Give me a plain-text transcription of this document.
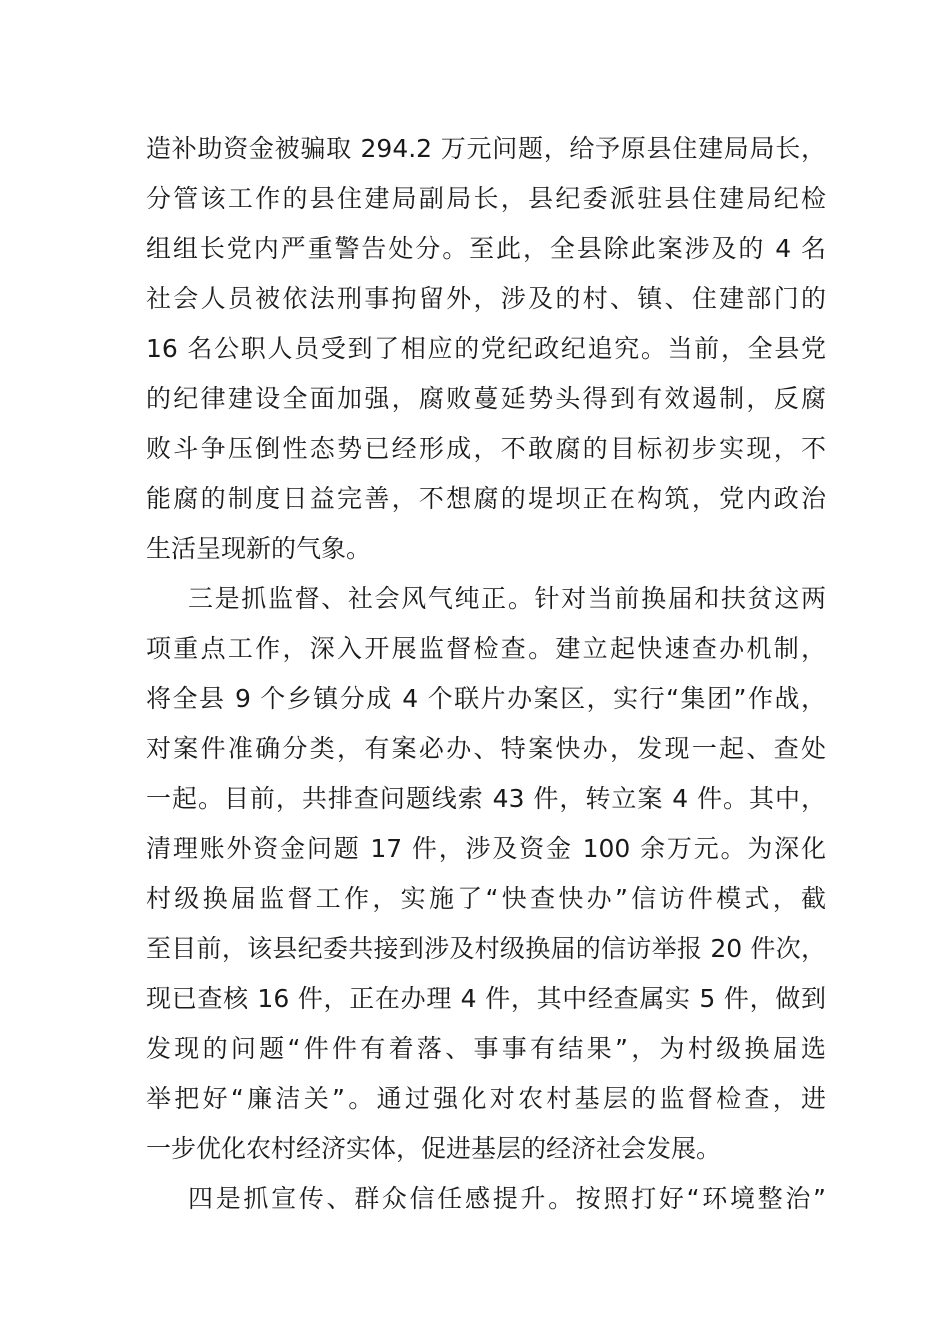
造补助资金被骗取 294.2 万元问题，给予原县住建局局长，

分管该工作的县住建局副局长，县纪委派驻县住建局纪检

组组长党内严重警告处分。至此，全县除此案涉及的 4 名

社会人员被依法刑事拘留外，涉及的村、镇、住建部门的

16 名公职人员受到了相应的党纪政纪追究。当前，全县党

的纪律建设全面加强，腐败蔓延势头得到有效遏制，反腐

败斗争压倒性态势已经形成，不敢腐的目标初步实现，不

能腐的制度日益完善，不想腐的堤坝正在构筑，党内政治

生活呈现新的气象。

三是抓监督、社会风气纯正。针对当前换届和扶贫这两

项重点工作，深入开展监督检查。建立起快速查办机制，

将全县 9 个乡镇分成 4 个联片办案区，实行“集团”作战，

对案件准确分类，有案必办、特案快办，发现一起、查处

一起。目前，共排查问题线索 43 件，转立案 4 件。其中，

清理账外资金问题 17 件，涉及资金 100 余万元。为深化

村级换届监督工作，实施了“快查快办”信访件模式，截

至目前，该县纪委共接到涉及村级换届的信访举报 20 件次，

现已查核 16 件，正在办理 4 件，其中经查属实 5 件，做到

发现的问题“件件有着落、事事有结果”，为村级换届选

举把好“廉洁关”。通过强化对农村基层的监督检查，进

一步优化农村经济实体，促进基层的经济社会发展。

四是抓宣传、群众信任感提升。按照打好“环境整治”
